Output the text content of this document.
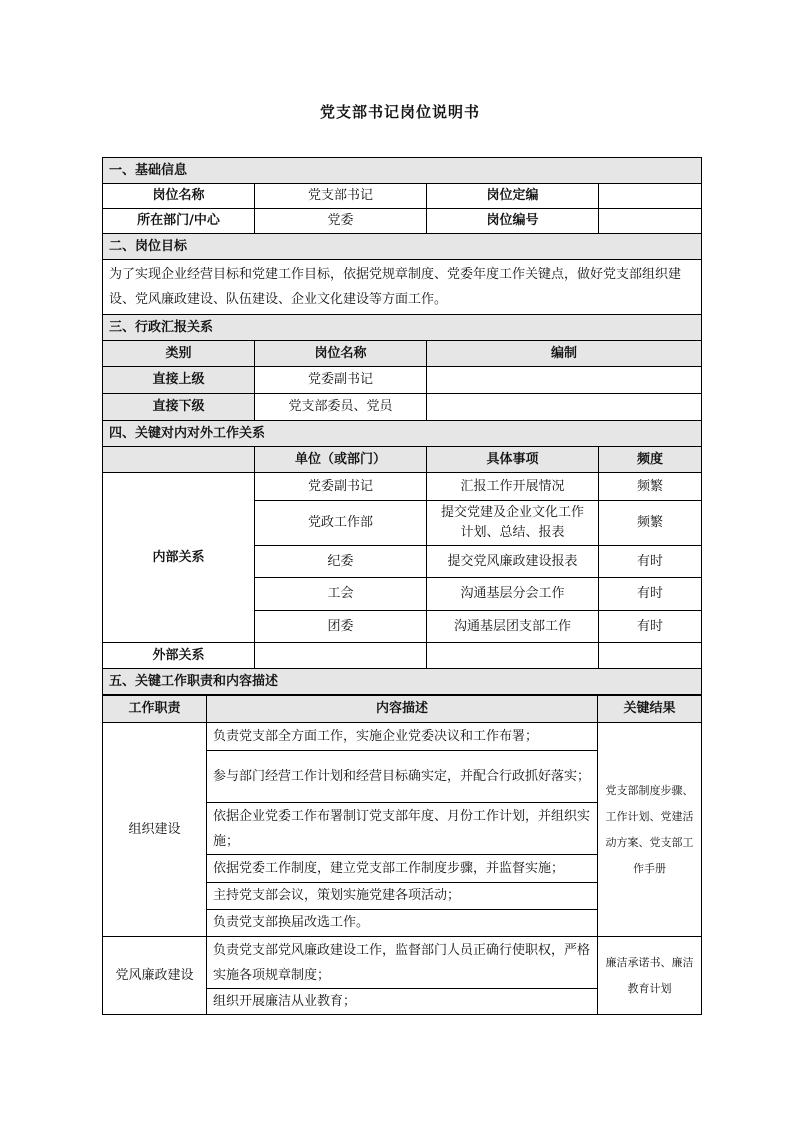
党支部书记岗位说明书
一、基础信息			
岗位名称	党支部书记	岗位定编	
所在部门/中心	党委	岗位编号	
二、岗位目标			
为了实现企业经营目标和党建工作目标，依据党规章制度、党委年度工作关键点，做好党支部组织建设、党风廉政建设、队伍建设、企业文化建设等方面工作。			
三、行政汇报关系			
类别	岗位名称	编制	
直接上级	党委副书记		
直接下级	党支部委员、党员		
四、关键对内对外工作关系			
	单位（或部门）	具体事项	频度
内部关系	党委副书记	汇报工作开展情况	频繁
	党政工作部	提交党建及企业文化工作计划、总结、报表	频繁
	纪委	提交党风廉政建设报表	有时
	工会	沟通基层分会工作	有时
	团委	沟通基层团支部工作	有时
外部关系			
五、关键工作职责和内容描述			
工作职责	内容描述	关键结果
组织建设	负责党支部全方面工作，实施企业党委决议和工作布署；	党支部制度步骤、工作计划、党建活动方案、党支部工作手册
	参与部门经营工作计划和经营目标确实定，并配合行政抓好落实；	
	依据企业党委工作布署制订党支部年度、月份工作计划，并组织实施；	
	依据党委工作制度，建立党支部工作制度步骤，并监督实施；	
	主持党支部会议，策划实施党建各项活动；	
	负责党支部换届改选工作。	
党风廉政建设	负责党支部党风廉政建设工作，监督部门人员正确行使职权，严格实施各项规章制度；	廉洁承诺书、廉洁教育计划
	组织开展廉洁从业教育；	
